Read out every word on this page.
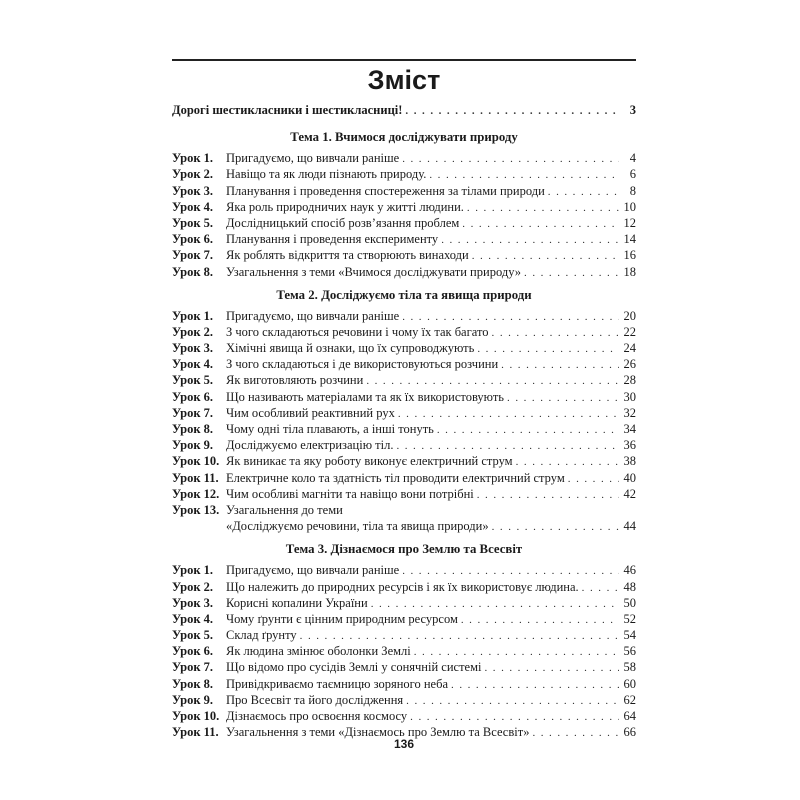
Зміст
Дорогі шестикласники і шестикласниці! . . .	3
Тема 1. Вчимося досліджувати природу
Урок 1.	Пригадуємо, що вивчали раніше . . .	4
Урок 2.	Навіщо та як люди пізнають природу. . . .	6
Урок 3.	Планування і проведення спостереження за тілами природи . . .	8
Урок 4.	Яка роль природничих наук у житті людини. . . .	10
Урок 5.	Дослідницький спосіб розв’язання проблем . . .	12
Урок 6.	Планування і проведення експерименту . . .	14
Урок 7.	Як роблять відкриття та створюють винаходи . . .	16
Урок 8.	Узагальнення з теми «Вчимося досліджувати природу» . . .	18
Тема 2. Досліджуємо тіла та явища природи
Урок 1.	Пригадуємо, що вивчали раніше . . .	20
Урок 2.	З чого складаються речовини і чому їх так багато . . .	22
Урок 3.	Хімічні явища й ознаки, що їх супроводжують . . .	24
Урок 4.	З чого складаються і де використовуються розчини . . .	26
Урок 5.	Як виготовляють розчини . . .	28
Урок 6.	Що називають матеріалами та як їх використовують . . .	30
Урок 7.	Чим особливий реактивний рух . . .	32
Урок 8.	Чому одні тіла плавають, а інші тонуть . . .	34
Урок 9.	Досліджуємо електризацію тіл. . . .	36
Урок 10. Як виникає та яку роботу виконує електричний струм . . .	38
Урок 11. Електричне коло та здатність тіл проводити електричний струм . . .	40
Урок 12. Чим особливі магніти та навіщо вони потрібні . . .	42
Урок 13. Узагальнення до теми
«Досліджуємо речовини, тіла та явища природи» . . .	44
Тема 3. Дізнаємося про Землю та Всесвіт
Урок 1.	Пригадуємо, що вивчали раніше . . .	46
Урок 2.	Що належить до природних ресурсів і як їх використовує людина. . . .	48
Урок 3.	Корисні копалини України . . .	50
Урок 4.	Чому ґрунти є цінним природним ресурсом . . .	52
Урок 5.	Склад ґрунту . . .	54
Урок 6.	Як людина змінює оболонки Землі . . .	56
Урок 7.	Що відомо про сусідів Землі у сонячній системі . . .	58
Урок 8.	Привідкриваємо таємницю зоряного неба . . .	60
Урок 9.	Про Всесвіт та його дослідження . . .	62
Урок 10. Дізнаємось про освоєння космосу . . .	64
Урок 11. Узагальнення з теми «Дізнаємось про Землю та Всесвіт» . . .	66
136
